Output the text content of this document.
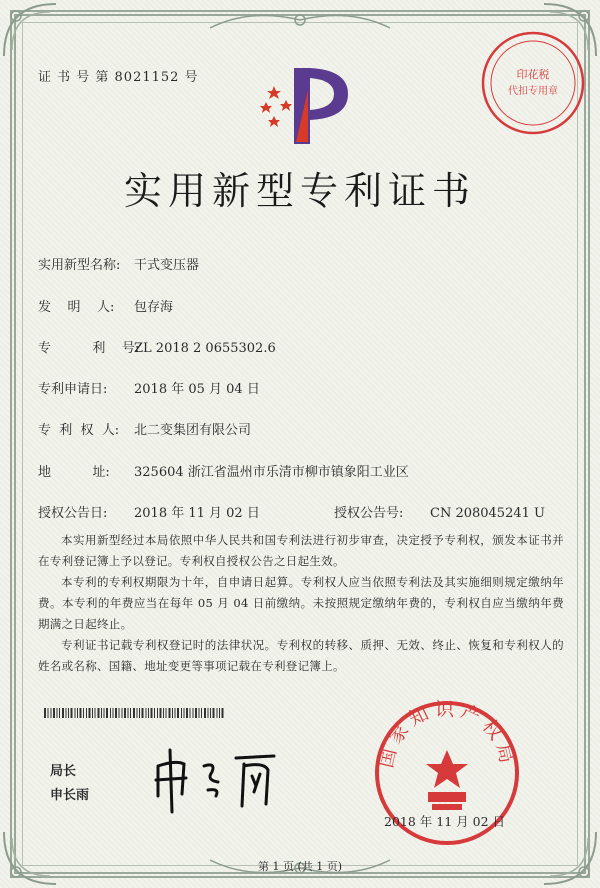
证 书 号 第 8021152 号	印花税
代扣专用章
实用新型专利证书
实用新型名称: 干式变压器
发    明    人: 包存海
专          利    号:ZL 2018 2 0655302.6
专利申请日: 2018 年 05 月 04 日
专  利  权  人: 北二变集团有限公司
地          址: 325604 浙江省温州市乐清市柳市镇象阳工业区
授权公告日: 2018 年 11 月 02 日	授权公告号: CN 208045241 U
本实用新型经过本局依照中华人民共和国专利法进行初步审查，决定授予专利权，颁发本证书并在专利登记簿上予以登记。专利权自授权公告之日起生效。
本专利的专利权期限为十年，自申请日起算。专利权人应当依照专利法及其实施细则规定缴纳年费。本专利的年费应当在每年 05 月 04 日前缴纳。未按照规定缴纳年费的，专利权自应当缴纳年费期满之日起终止。
专利证书记载专利权登记时的法律状况。专利权的转移、质押、无效、终止、恢复和专利权人的姓名或名称、国籍、地址变更等事项记载在专利登记簿上。
局长
申长雨
国家知识产权局
2018 年 11 月 02 日
第 1 页 (共 1 页)
